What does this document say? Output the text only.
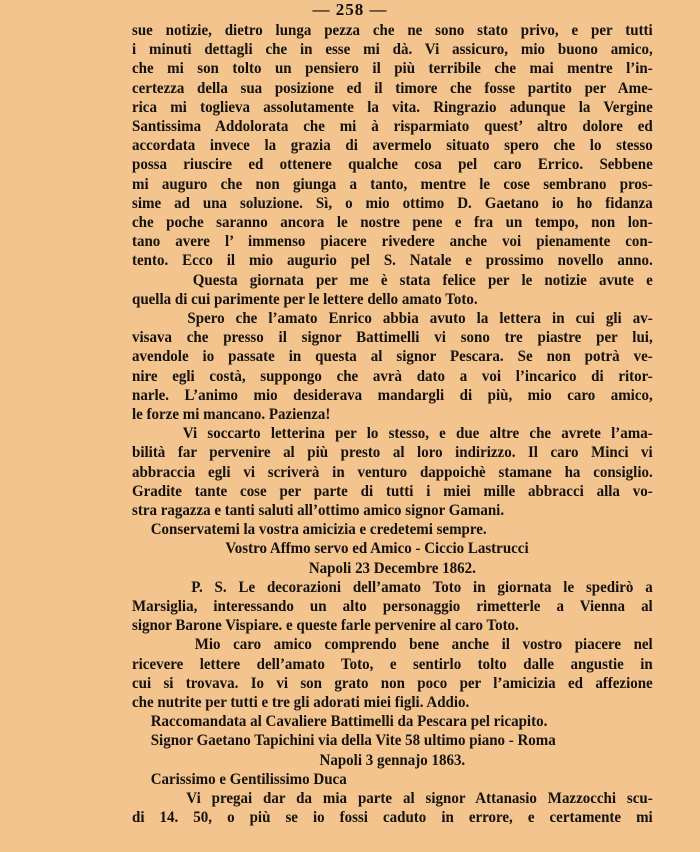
— 258 —
sue notizie, dietro lunga pezza che ne sono stato privo, e per tutti
i minuti dettagli che in esse mi dà. Vi assicuro, mio buono amico,
che mi son tolto un pensiero il più terribile che mai mentre l’in-
certezza della sua posizione ed il timore che fosse partito per Ame-
rica mi toglieva assolutamente la vita. Ringrazio adunque la Vergine
Santissima Addolorata che mi à risparmiato quest’ altro dolore ed
accordata invece la grazia di avermelo situato spero che lo stesso
possa riuscire ed ottenere qualche cosa pel caro Errico. Sebbene
mi auguro che non giunga a tanto, mentre le cose sembrano pros-
sime ad una soluzione. Sì, o mio ottimo D. Gaetano io ho fidanza
che poche saranno ancora le nostre pene e fra un tempo, non lon-
tano avere l’ immenso piacere rivedere anche voi pienamente con-
tento. Ecco il mio augurio pel S. Natale e prossimo novello anno.
Questa giornata per me è stata felice per le notizie avute e
quella di cui parimente per le lettere dello amato Toto.
Spero che l’amato Enrico abbia avuto la lettera in cui gli av-
visava che presso il signor Battimelli vi sono tre piastre per lui,
avendole io passate in questa al signor Pescara. Se non potrà ve-
nire egli costà, suppongo che avrà dato a voi l’incarico di ritor-
narle. L’animo mio desiderava mandargli di più, mio caro amico,
le forze mi mancano. Pazienza!
Vi soccarto letterina per lo stesso, e due altre che avrete l’ama-
bilità far pervenire al più presto al loro indirizzo. Il caro Minci vi
abbraccia egli vi scriverà in venturo dappoichè stamane ha consiglio.
Gradite tante cose per parte di tutti i miei mille abbracci alla vo-
stra ragazza e tanti saluti all’ottimo amico signor Gamani.
Conservatemi la vostra amicizia e credetemi sempre.
Vostro Affmo servo ed Amico - Ciccio Lastrucci
Napoli 23 Decembre 1862.
P. S. Le decorazioni dell’amato Toto in giornata le spedirò a
Marsiglia, interessando un alto personaggio rimetterle a Vienna al
signor Barone Vispiare. e queste farle pervenire al caro Toto.
Mio caro amico comprendo bene anche il vostro piacere nel
ricevere lettere dell’amato Toto, e sentirlo tolto dalle angustie in
cui si trovava. Io vi son grato non poco per l’amicizia ed affezione
che nutrite per tutti e tre gli adorati miei figli. Addio.
Raccomandata al Cavaliere Battimelli da Pescara pel ricapito.
Signor Gaetano Tapichini via della Vite 58 ultimo piano - Roma
Napoli 3 gennajo 1863.
Carissimo e Gentilissimo Duca
Vi pregai dar da mia parte al signor Attanasio Mazzocchi scu-
di 14. 50, o più se io fossi caduto in errore, e certamente mi
